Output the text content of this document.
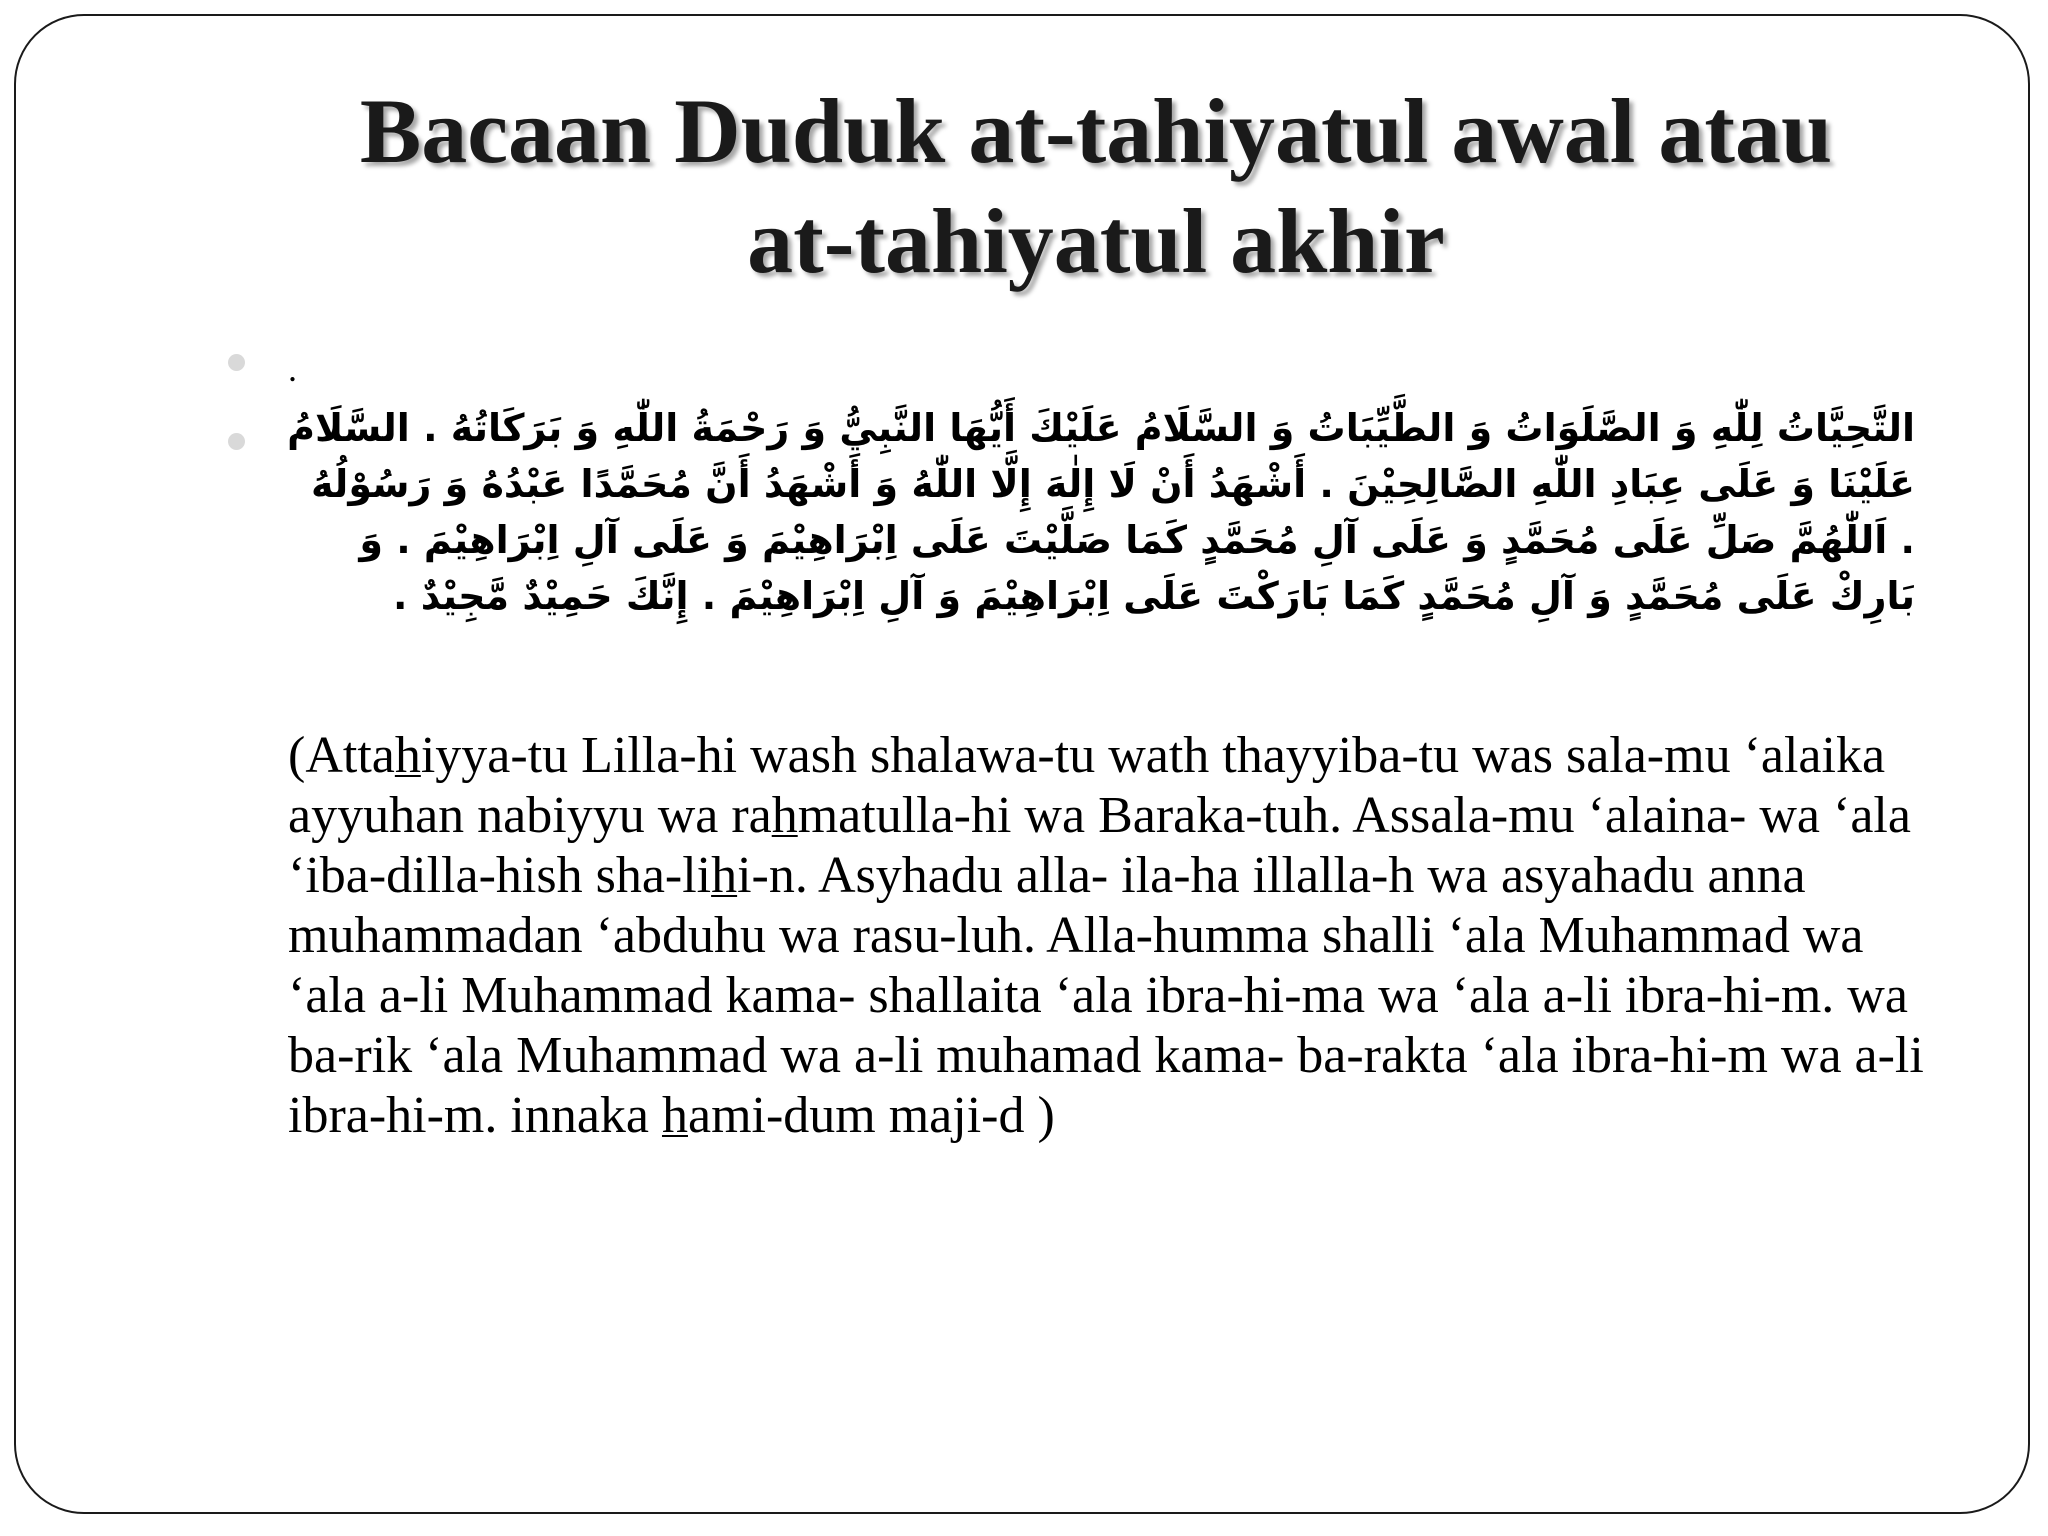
Bacaan Duduk at-tahiyatul awal atau
at-tahiyatul akhir
.

التَّحِيَّاتُ لِلّٰهِ وَ الصَّلَوَاتُ وَ الطَّيِّبَاتُ وَ السَّلَامُ عَلَيْكَ أَيُّهَا النَّبِيُّ وَ رَحْمَةُ اللّٰهِ وَ بَرَكَاتُهُ . السَّلَامُ عَلَيْنَا وَ عَلَى عِبَادِ اللّٰهِ الصَّالِحِيْنَ . أَشْهَدُ أَنْ لَا إِلٰهَ إِلَّا اللّٰهُ وَ أَشْهَدُ أَنَّ مُحَمَّدًا عَبْدُهُ وَ رَسُوْلُهُ . اَللّٰهُمَّ صَلِّ عَلَى مُحَمَّدٍ وَ عَلَى آلِ مُحَمَّدٍ كَمَا صَلَّيْتَ عَلَى اِبْرَاهِيْمَ وَ عَلَى آلِ اِبْرَاهِيْمَ . وَ بَارِكْ عَلَى مُحَمَّدٍ وَ آلِ مُحَمَّدٍ كَمَا بَارَكْتَ عَلَى اِبْرَاهِيْمَ وَ آلِ اِبْرَاهِيْمَ . إِنَّكَ حَمِيْدٌ مَّجِيْدٌ .

(Attahiyya-tu Lilla-hi wash shalawa-tu wath thayyiba-tu was sala-mu ‘alaika ayyuhan nabiyyu wa rahmatulla-hi wa Baraka-tuh. Assala-mu ‘alaina- wa ‘ala ‘iba-dilla-hish sha-lihi-n. Asyhadu alla- ila-ha illalla-h wa asyahadu anna muhammadan ‘abduhu wa rasu-luh. Alla-humma shalli ‘ala Muhammad wa ‘ala a-li Muhammad kama- shallaita ‘ala ibra-hi-ma wa ‘ala a-li ibra-hi-m. wa ba-rik ‘ala Muhammad wa a-li muhamad kama- ba-rakta ‘ala ibra-hi-m wa a-li ibra-hi-m. innaka hami-dum maji-d )
